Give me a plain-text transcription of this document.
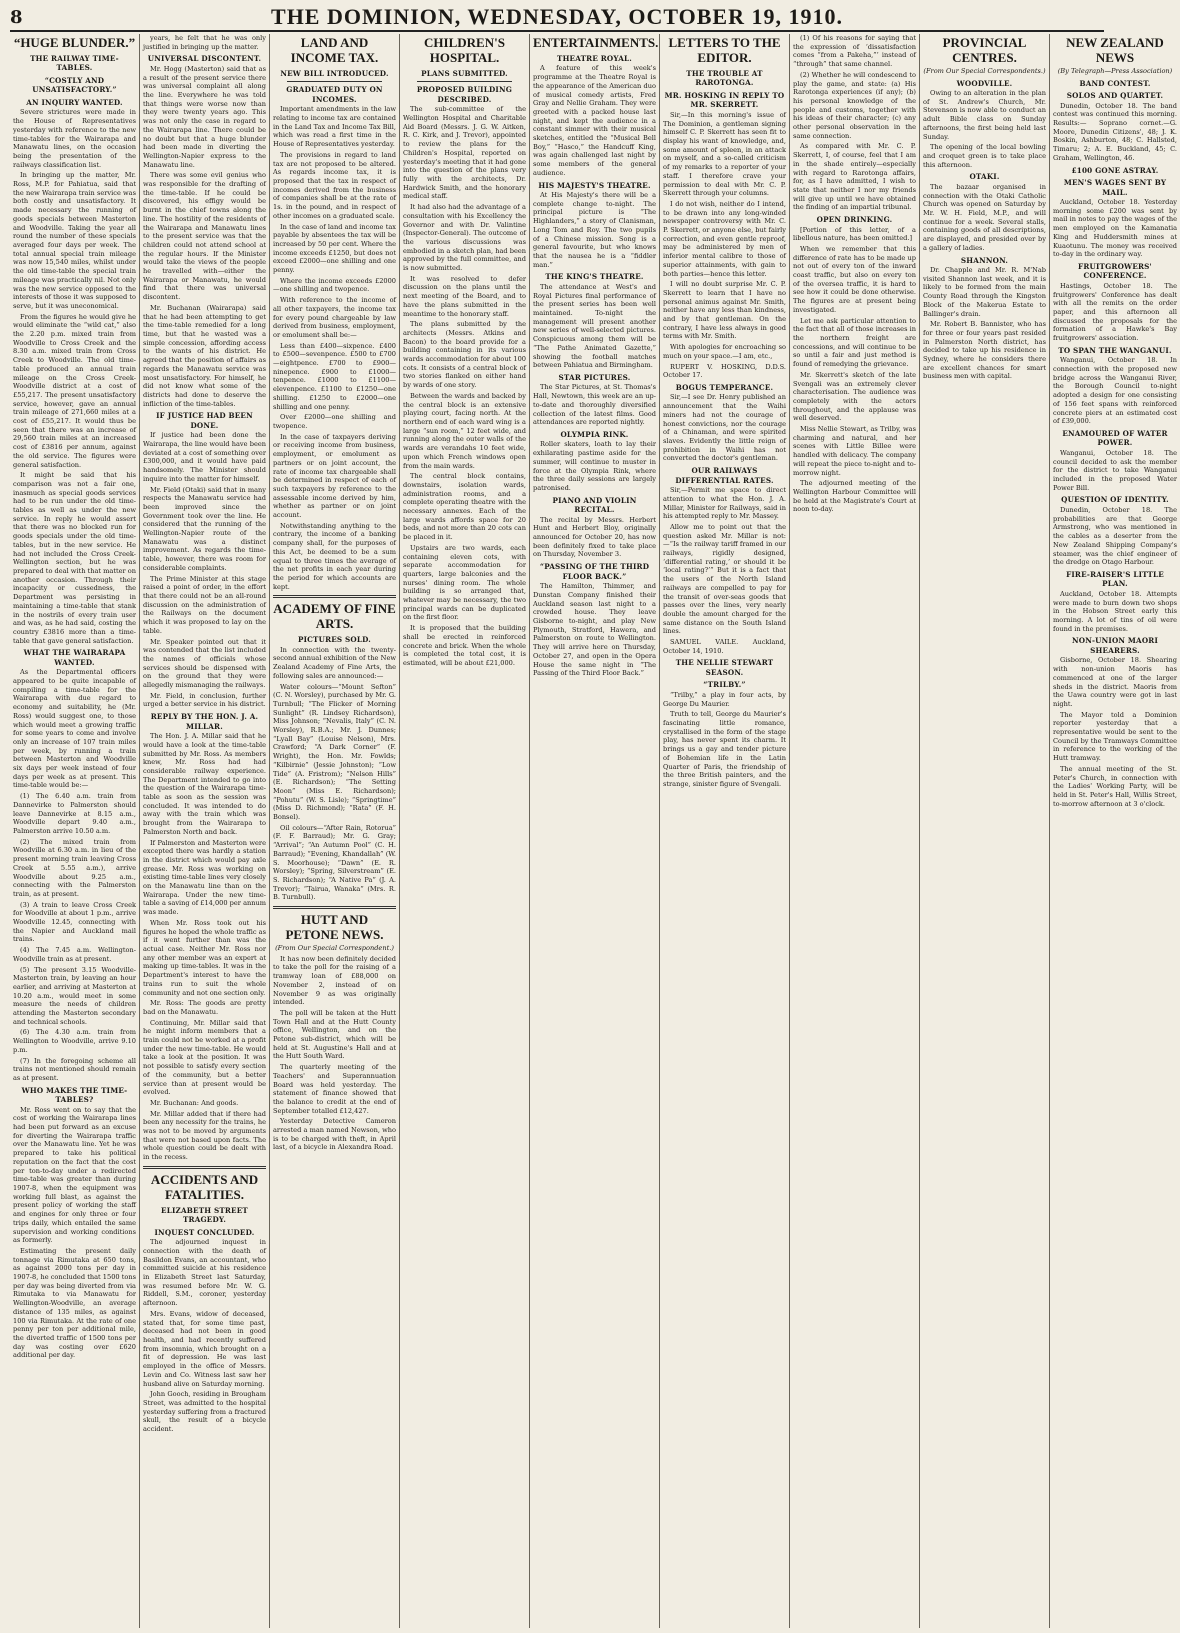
8	THE DOMINION, WEDNESDAY, OCTOBER 19, 1910.
“HUGE BLUNDER.”
THE RAILWAY TIME-TABLES.
“COSTLY AND UNSATISFACTORY.”
AN INQUIRY WANTED.

Severe strictures were made in the House of Representatives yesterday with reference to the new time-tables for the Wairarapa and Manawatu lines, on the occasion being the presentation of the railways classification list.

In bringing up the matter, Mr. Ross, M.P. for Pahiatua, said that the new Wairarapa train service was both costly and unsatisfactory. It made necessary the running of goods specials between Masterton and Woodville. Taking the year all round the number of these specials averaged four days per week. The total annual special train mileage was now 15,540 miles, whilst under the old time-table the special train mileage was practically nil. Not only was the new service opposed to the interests of those it was supposed to serve, but it was uneconomical.

From the figures he would give he would eliminate the “wild cat,” also the 2.20 p.m. mixed train from Woodville to Cross Creek and the 8.30 a.m. mixed train from Cross Creek to Woodville. The old time-table produced an annual train mileage on the Cross Creek-Woodville district at a cost of £55,217. The present unsatisfactory service, however, gave an annual train mileage of 271,660 miles at a cost of £55,217. It would thus be seen that there was an increase of 29,560 train miles at an increased cost of £3816 per annum, against the old service. The figures were general satisfaction.

It might be said that his comparison was not a fair one, inasmuch as special goods services had to be run under the old time-tables as well as under the new service. In reply he would assert that there was no blocked run for goods specials under the old time-tables, but in the new service. He had not included the Cross Creek-Wellington section, but he was prepared to deal with that matter on another occasion. Through their incapacity or cussedness, the Department was persisting in maintaining a time-table that stank in the nostrils of every train user and was, as he had said, costing the country £3816 more than a time-table that gave general satisfaction.

WHAT THE WAIRARAPA WANTED.

As the Departmental officers appeared to be quite incapable of compiling a time-table for the Wairarapa with due regard to economy and suitability, he (Mr. Ross) would suggest one, to those which would meet a growing traffic for some years to come and involve only an increase of 107 train miles per week, by running a train between Masterton and Woodville six days per week instead of four days per week as at present. This time-table would be:—

(1) The 6.40 a.m. train from Dannevirke to Palmerston should leave Dannevirke at 8.15 a.m., Woodville depart 9.40 a.m., Palmerston arrive 10.50 a.m.

(2) The mixed train from Woodville at 6.30 a.m. in lieu of the present morning train leaving Cross Creek at 5.55 a.m.), arrive Woodville about 9.25 a.m., connecting with the Palmerston train, as at present.

(3) A train to leave Cross Creek for Woodville at about 1 p.m., arrive Woodville 12.45, connecting with the Napier and Auckland mail trains.

(4) The 7.45 a.m. Wellington-Woodville train as at present.

(5) The present 3.15 Woodville-Masterton train, by leaving an hour earlier, and arriving at Masterton at 10.20 a.m., would meet in some measure the needs of children attending the Masterton secondary and technical schools.

(6) The 4.30 a.m. train from Wellington to Woodville, arrive 9.10 p.m.

(7) In the foregoing scheme all trains not mentioned should remain as at present.

WHO MAKES THE TIME-TABLES?

Mr. Ross went on to say that the cost of working the Wairarapa lines had been put forward as an excuse for diverting the Wairarapa traffic over the Manawatu line. Yet he was prepared to take his political reputation on the fact that the cost per ton-to-day under a redirected time-table was greater than during 1907-8, when the equipment was working full blast, as against the present policy of working the staff and engines for only three or four trips daily, which entailed the same supervision and working conditions as formerly.

Estimating the present daily tonnage via Rimutaka at 650 tons, as against 2000 tons per day in 1907-8, he concluded that 1500 tons per day was being diverted from via Rimutaka to via Manawatu for Wellington-Woodville, an average distance of 135 miles, as against 100 via Rimutaka. At the rate of one penny per ton per additional mile, the diverted traffic of 1500 tons per day was costing over £620 additional per day.

years, he felt that he was only justified in bringing up the matter.

UNIVERSAL DISCONTENT.

Mr. Hogg (Masterton) said that as a result of the present service there was universal complaint all along the line. Everywhere he was told that things were worse now than they were twenty years ago. This was not only the case in regard to the Wairarapa line. There could be no doubt but that a huge blunder had been made in diverting the Wellington-Napier express to the Manawatu line.

There was some evil genius who was responsible for the drafting of the time-table. If he could be discovered, his effigy would be burnt in the chief towns along the line. The hostility of the residents of the Wairarapa and Manawatu lines to the present service was that the children could not attend school at the regular hours. If the Minister would take the views of the people he travelled with—either the Wairarapa or Manawatu, he would find that there was universal discontent.

Mr. Buchanan (Wairarapa) said that he had been attempting to get the time-table remedied for a long time, but that he wasted was a simple concession, affording access to the wants of his district. He agreed that the position of affairs as regards the Manawatu service was most unsatisfactory. For himself, he did not know what some of the districts had done to deserve the infliction of the time-tables.

IF JUSTICE HAD BEEN DONE.

If justice had been done the Wairarapa, the line would have been deviated at a cost of something over £300,000, and it would have paid handsomely. The Minister should inquire into the matter for himself.

Mr. Field (Otaki) said that in many respects the Manawatu service had been improved since the Government took over the line. He considered that the running of the Wellington-Napier route of the Manawatu was a distinct improvement. As regards the time-table, however, there was room for considerable complaints.

The Prime Minister at this stage raised a point of order, in the effort that there could not be an all-round discussion on the administration of the Railways on the document which it was proposed to lay on the table.

Mr. Speaker pointed out that it was contended that the list included the names of officials whose services should be dispensed with on the ground that they were allegedly mismanaging the railways.

Mr. Field, in conclusion, further urged a better service in his district.

REPLY BY THE HON. J. A. MILLAR.

The Hon. J. A. Millar said that he would have a look at the time-table submitted by Mr. Ross. As members knew, Mr. Ross had had considerable railway experience. The Department intended to go into the question of the Wairarapa time-table as soon as the session was concluded. It was intended to do away with the train which was brought from the Wairarapa to Palmerston North and back.

If Palmerston and Masterton were excepted there was hardly a station in the district which would pay axle grease. Mr. Ross was working on existing time-table lines very closely on the Manawatu line than on the Wairarapa. Under the new time-table a saving of £14,000 per annum was made.

When Mr. Ross took out his figures he hoped the whole traffic as if it went further than was the actual case. Neither Mr. Ross nor any other member was an expert at making up time-tables. It was in the Department's interest to have the trains run to suit the whole community and not one section only.

Mr. Ross: The goods are pretty bad on the Manawatu.

Continuing, Mr. Millar said that he might inform members that a train could not be worked at a profit under the new time-table. He would take a look at the position. It was not possible to satisfy every section of the community, but a better service than at present would be evolved.

Mr. Buchanan: And goods.

Mr. Millar added that if there had been any necessity for the trains, he was not to be moved by arguments that were not based upon facts. The whole question could be dealt with in the recess.

ACCIDENTS AND FATALITIES.
ELIZABETH STREET TRAGEDY.
INQUEST CONCLUDED.

The adjourned inquest in connection with the death of Basildon Evans, an accountant, who committed suicide at his residence in Elizabeth Street last Saturday, was resumed before Mr. W. G. Riddell, S.M., coroner, yesterday afternoon.

Mrs. Evans, widow of deceased, stated that, for some time past, deceased had not been in good health, and had recently suffered from insomnia, which brought on a fit of depression. He was last employed in the office of Messrs. Levin and Co. Witness last saw her husband alive on Saturday morning.

John Gooch, residing in Brougham Street, was admitted to the hospital yesterday suffering from a fractured skull, the result of a bicycle accident.

LAND AND INCOME TAX.
NEW BILL INTRODUCED.
GRADUATED DUTY ON INCOMES.

Important amendments in the law relating to income tax are contained in the Land Tax and Income Tax Bill, which was read a first time in the House of Representatives yesterday.

The provisions in regard to land tax are not proposed to be altered. As regards income tax, it is proposed that the tax in respect of incomes derived from the business of companies shall be at the rate of 1s. in the pound, and in respect of other incomes on a graduated scale.

In the case of land and income tax payable by absentees the tax will be increased by 50 per cent. Where the income exceeds £1250, but does not exceed £2000—one shilling and one penny.

Where the income exceeds £2000—one shilling and twopence.

With reference to the income of all other taxpayers, the income tax for every pound chargeable by law derived from business, employment, or emolument shall be:—

Less than £400—sixpence. £400 to £500—sevenpence. £500 to £700—eightpence. £700 to £900—ninepence. £900 to £1000—tenpence. £1000 to £1100—elevenpence. £1100 to £1250—one shilling. £1250 to £2000—one shilling and one penny.

Over £2000—one shilling and twopence.

In the case of taxpayers deriving or receiving income from business, employment, or emolument as partners or on joint account, the rate of income tax chargeable shall be determined in respect of each of such taxpayers by reference to the assessable income derived by him, whether as partner or on joint account.

Notwithstanding anything to the contrary, the income of a banking company shall, for the purposes of this Act, be deemed to be a sum equal to three times the average of the net profits in each year during the period for which accounts are kept.

ACADEMY OF FINE ARTS.
PICTURES SOLD.

In connection with the twenty-second annual exhibition of the New Zealand Academy of Fine Arts, the following sales are announced:—

Water colours—“Mount Sefton” (C. N. Worsley), purchased by Mr. G. Turnbull; “The Flicker of Morning Sunlight” (R. Lindsey Richardson), Miss Johnson; “Nevalis, Italy” (C. N. Worsley), R.B.A.; Mr. J. Dunnes; “Lyall Bay” (Louise Nelson), Mrs. Crawford; “A Dark Corner” (F. Wright), the Hon. Mr. Fowlds; “Kilbirnie” (Jessie Johnston); “Low Tide” (A. Fristrom); “Nelson Hills” (E. Richardson); “The Setting Moon” (Miss E. Richardson); “Pohutu” (W. S. Lisle); “Springtime” (Miss D. Richmond); “Rata” (F. H. Bonsel).

Oil colours—“After Rain, Rotorua” (F. F. Barraud); Mr. G. Gray; “Arrival”; “An Autumn Pool” (C. H. Barraud); “Evening, Khandallah” (W. S. Moorhouse); “Dawn” (E. R. Worsley); “Spring, Silverstream” (E. S. Richardson); “A Native Pa” (J. A. Trevor); “Tairua, Wanaka” (Mrs. R. B. Turnbull).

HUTT AND PETONE NEWS.
(From Our Special Correspondent.)

It has now been definitely decided to take the poll for the raising of a tramway loan of £88,000 on November 2, instead of on November 9 as was originally intended.

The poll will be taken at the Hutt Town Hall and at the Hutt County office, Wellington, and on the Petone sub-district, which will be held at St. Augustine's Hall and at the Hutt South Ward.

The quarterly meeting of the Teachers' and Superannuation Board was held yesterday. The statement of finance showed that the balance to credit at the end of September totalled £12,427.

Yesterday Detective Cameron arrested a man named Newson, who is to be charged with theft, in April last, of a bicycle in Alexandra Road.

CHILDREN'S HOSPITAL.
PLANS SUBMITTED.
PROPOSED BUILDING DESCRIBED.

The sub-committee of the Wellington Hospital and Charitable Aid Board (Messrs. J. G. W. Aitken, R. C. Kirk, and J. Trevor), appointed to review the plans for the Children's Hospital, reported on yesterday's meeting that it had gone into the question of the plans very fully with the architects, Dr. Hardwick Smith, and the honorary medical staff.

It had also had the advantage of a consultation with his Excellency the Governor and with Dr. Valintine (Inspector-General). The outcome of the various discussions was embodied in a sketch plan, had been approved by the full committee, and is now submitted.

It was resolved to defer discussion on the plans until the next meeting of the Board, and to have the plans submitted in the meantime to the honorary staff.

The plans submitted by the architects (Messrs. Atkins and Bacon) to the board provide for a building containing in its various wards accommodation for about 100 cots. It consists of a central block of two stories flanked on either hand by wards of one story.

Between the wards and backed by the central block is an extensive playing court, facing north. At the northern end of each ward wing is a large “sun room,” 12 feet wide, and running along the outer walls of the wards are verandahs 10 feet wide, upon which French windows open from the main wards.

The central block contains, downstairs, isolation wards, administration rooms, and a complete operating theatre with the necessary annexes. Each of the large wards affords space for 20 beds, and not more than 20 cots can be placed in it.

Upstairs are two wards, each containing eleven cots, with separate accommodation for quarters, large balconies and the nurses' dining room. The whole building is so arranged that, whatever may be necessary, the two principal wards can be duplicated on the first floor.

It is proposed that the building shall be erected in reinforced concrete and brick. When the whole is completed the total cost, it is estimated, will be about £21,000.

ENTERTAINMENTS.
THEATRE ROYAL.

A feature of this week's programme at the Theatre Royal is the appearance of the American duo of musical comedy artists, Fred Gray and Nellie Graham. They were greeted with a packed house last night, and kept the audience in a constant simmer with their musical sketches, entitled the “Musical Bell Boy,” “Hasco,” the Handcuff King, was again challenged last night by some members of the general audience.

HIS MAJESTY'S THEATRE.

At His Majesty's there will be a complete change to-night. The principal picture is “The Highlanders,” a story of Clanisman, Long Tom and Roy. The two pupils of a Chinese mission. Song is a general favourite, but who knows that the nausea he is a “fiddler man.”

THE KING'S THEATRE.

The attendance at West's and Royal Pictures final performance of the present series has been well maintained. To-night the management will present another new series of well-selected pictures. Conspicuous among them will be “The Pathe Animated Gazette,” showing the football matches between Pahiatua and Birmingham.

STAR PICTURES.

The Star Pictures, at St. Thomas's Hall, Newtown, this week are an up-to-date and thoroughly diversified collection of the latest films. Good attendances are reported nightly.

OLYMPIA RINK.

Roller skaters, loath to lay their exhilarating pastime aside for the summer, will continue to muster in force at the Olympia Rink, where the three daily sessions are largely patronised.

PIANO AND VIOLIN RECITAL.

The recital by Messrs. Herbert Hunt and Herbert Bloy, originally announced for October 20, has now been definitely fixed to take place on Thursday, November 3.

“PASSING OF THE THIRD FLOOR BACK.”

The Hamilton, Thimmer, and Dunstan Company finished their Auckland season last night to a crowded house. They leave Gisborne to-night, and play New Plymouth, Stratford, Hawera, and Palmerston on route to Wellington. They will arrive here on Thursday, October 27, and open in the Opera House the same night in “The Passing of the Third Floor Back.”

LETTERS TO THE EDITOR.
THE TROUBLE AT RAROTONGA.
MR. HOSKING IN REPLY TO MR. SKERRETT.

Sir,—In this morning's issue of The Dominion, a gentleman signing himself C. P. Skerrett has seen fit to display his want of knowledge, and, some amount of spleen, in an attack on myself, and a so-called criticism of my remarks to a reporter of your staff. I therefore crave your permission to deal with Mr. C. P. Skerrett through your columns.

I do not wish, neither do I intend, to be drawn into any long-winded newspaper controversy with Mr. C. P. Skerrett, or anyone else, but fairly correction, and even gentle reproof, may be administered by men of inferior mental calibre to those of superior attainments, with gain to both parties—hence this letter.

I will no doubt surprise Mr. C. P. Skerrett to learn that I have no personal animus against Mr. Smith, neither have any less than kindness, and by that gentleman. On the contrary, I have less always in good terms with Mr. Smith.

With apologies for encroaching so much on your space.—I am, etc.,

RUPERT V. HOSKING, D.D.S. October 17.

BOGUS TEMPERANCE.

Sir,—I see Dr. Henry published an announcement that the Waihi miners had not the courage of honest convictions, nor the courage of a Chinaman, and were spirited slaves. Evidently the little reign of prohibition in Waihi has not converted the doctor's gentleman.

OUR RAILWAYS DIFFERENTIAL RATES.

Sir,—Permit me space to direct attention to what the Hon. J. A. Millar, Minister for Railways, said in his attempted reply to Mr. Massey.

Allow me to point out that the question asked Mr. Millar is not:—“Is the railway tariff framed in our railways, rigidly designed, ‘differential rating,’ or should it be ‘local rating?’” But it is a fact that the users of the North Island railways are compelled to pay for the transit of over-seas goods that passes over the lines, very nearly double the amount charged for the same distance on the South Island lines.

SAMUEL VAILE. Auckland, October 14, 1910.

THE NELLIE STEWART SEASON.
“TRILBY.”

“Trilby,” a play in four acts, by George Du Maurier.

Truth to tell, George du Maurier's fascinating little romance, crystallised in the form of the stage play, has never spent its charm. It brings us a gay and tender picture of Bohemian life in the Latin Quarter of Paris, the friendship of the three British painters, and the strange, sinister figure of Svengali.

(1) Of his reasons for saying that the expression of ‘dissatisfaction comes “from a Pakeha,”’ instead of “through” that same channel.

(2) Whether he will condescend to play the game, and state: (a) His Rarotonga experiences (if any); (b) his personal knowledge of the people and customs, together with his ideas of their character; (c) any other personal observation in the same connection.

As compared with Mr. C. P. Skerrett, I, of course, feel that I am in the shade entirely—especially with regard to Rarotonga affairs, for, as I have admitted, I wish to state that neither I nor my friends will give up until we have obtained the finding of an impartial tribunal.

OPEN DRINKING.

[Portion of this letter, of a libellous nature, has been omitted.]

When we remember that this difference of rate has to be made up not out of every ton of the inward coast traffic, but also on every ton of the oversea traffic, it is hard to see how it could be done otherwise. The figures are at present being investigated.

Let me ask particular attention to the fact that all of those increases in the northern freight are concessions, and will continue to be so until a fair and just method is found of remedying the grievance.

Mr. Skerrett's sketch of the late Svengali was an extremely clever characterisation. The audience was completely with the actors throughout, and the applause was well deserved.

Miss Nellie Stewart, as Trilby, was charming and natural, and her scenes with Little Billee were handled with delicacy. The company will repeat the piece to-night and to-morrow night.

The adjourned meeting of the Wellington Harbour Committee will be held at the Magistrate's Court at noon to-day.

PROVINCIAL CENTRES.
(From Our Special Correspondents.)
WOODVILLE.

Owing to an alteration in the plan of St. Andrew's Church, Mr. Stevenson is now able to conduct an adult Bible class on Sunday afternoons, the first being held last Sunday.

The opening of the local bowling and croquet green is to take place this afternoon.

OTAKI.

The bazaar organised in connection with the Otaki Catholic Church was opened on Saturday by Mr. W. H. Field, M.P., and will continue for a week. Several stalls, containing goods of all descriptions, are displayed, and presided over by a gallery of ladies.

SHANNON.

Dr. Chapple and Mr. R. M'Nab visited Shannon last week, and it is likely to be formed from the main County Road through the Kingston Block of the Makerua Estate to Ballinger's drain.

Mr. Robert B. Bannister, who has for three or four years past resided in Palmerston North district, has decided to take up his residence in Sydney, where he considers there are excellent chances for smart business men with capital.

NEW ZEALAND NEWS
(By Telegraph—Press Association)
BAND CONTEST.
SOLOS AND QUARTET.

Dunedin, October 18. The band contest was continued this morning. Results:— Soprano cornet.—G. Moore, Dunedin Citizens', 48; J. K. Boskin, Ashburton, 48; C. Hallsted, Timaru; 2; A. E. Buckland, 45; C. Graham, Wellington, 46.

£100 GONE ASTRAY.
MEN'S WAGES SENT BY MAIL.

Auckland, October 18. Yesterday morning some £200 was sent by mail in notes to pay the wages of the men employed on the Kamanatia King and Huddersmith mines at Kuaotunu. The money was received to-day in the ordinary way.

FRUITGROWERS' CONFERENCE.

Hastings, October 18. The fruitgrowers' Conference has dealt with all the remits on the order paper, and this afternoon all discussed the proposals for the formation of a Hawke's Bay fruitgrowers' association.

TO SPAN THE WANGANUI.

Wanganui, October 18. In connection with the proposed new bridge across the Wanganui River, the Borough Council to-night adopted a design for one consisting of 156 feet spans with reinforced concrete piers at an estimated cost of £39,000.

ENAMOURED OF WATER POWER.

Wanganui, October 18. The council decided to ask the member for the district to take Wanganui included in the proposed Water Power Bill.

QUESTION OF IDENTITY.

Dunedin, October 18. The probabilities are that George Armstrong, who was mentioned in the cables as a deserter from the New Zealand Shipping Company's steamer, was the chief engineer of the dredge on Otago Harbour.

FIRE-RAISER'S LITTLE PLAN.

Auckland, October 18. Attempts were made to burn down two shops in the Hobson Street early this morning. A lot of tins of oil were found in the premises.

NON-UNION MAORI SHEARERS.

Gisborne, October 18. Shearing with non-union Maoris has commenced at one of the larger sheds in the district. Maoris from the Uawa country were got in last night.

The Mayor told a Dominion reporter yesterday that a representative would be sent to the Council by the Tramways Committee in reference to the working of the Hutt tramway.

The annual meeting of the St. Peter's Church, in connection with the Ladies' Working Party, will be held in St. Peter's Hall, Willis Street, to-morrow afternoon at 3 o'clock.
